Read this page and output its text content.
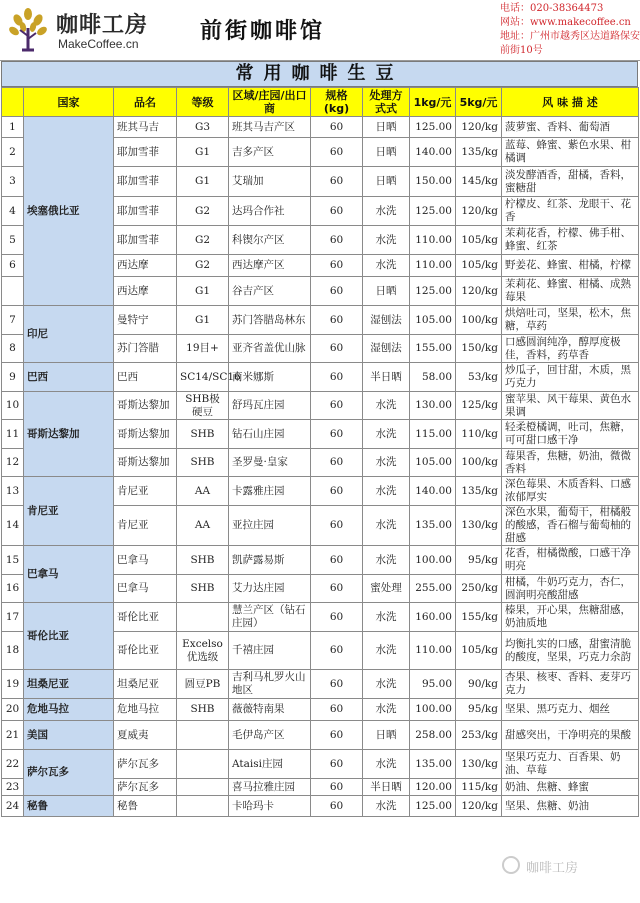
咖啡工房
MakeCoffee.cn	前街咖啡馆
电话：020-38364473
网站：www.makecoffee.cn
地址：广州市越秀区达道路保安前街10号
常用咖啡生豆
	国家	品名	等级	区域/庄园/出口商	规格(kg)	处理方式式	1kg/元	5kg/元	风 味 描 述
1	埃塞俄比亚	班其马吉	G3	班其马吉产区	60	日晒	125.00	120/kg	菠萝蜜、香料、葡萄酒
2		耶加雪菲	G1	吉多产区	60	日晒	140.00	135/kg	蓝莓、蜂蜜、紫色水果、柑橘调
3		耶加雪菲	G1	艾瑞加	60	日晒	150.00	145/kg	淡发酵酒香，甜橘，香料，蜜糖甜
4		耶加雪菲	G2	达玛合作社	60	水洗	125.00	120/kg	柠檬皮、红茶、龙眼干、花香
5		耶加雪菲	G2	科锲尔产区	60	水洗	110.00	105/kg	茉莉花香，柠檬、佛手柑、蜂蜜、红茶
6		西达摩	G2	西达摩产区	60	水洗	110.00	105/kg	野姜花、蜂蜜、柑橘，柠檬
		西达摩	G1	谷吉产区	60	日晒	125.00	120/kg	茉莉花、蜂蜜、柑橘、成熟莓果
7	印尼	曼特宁	G1	苏门答腊岛林东	60	湿刨法	105.00	100/kg	烘焙吐司，坚果，松木，焦糖，草药
8		苏门答腊	19目+	亚齐省盖优山脉	60	湿刨法	155.00	150/kg	口感圆润纯净，醇厚度极佳，香料，药草香
9	巴西	巴西	SC14/SC16	南米娜斯	60	半日晒	58.00	53/kg	炒瓜子，回甘甜，木质，黑巧克力
10	哥斯达黎加	哥斯达黎加	SHB极硬豆	舒玛瓦庄园	60	水洗	130.00	125/kg	蜜苹果、风干莓果、黄色水果调
11		哥斯达黎加	SHB	钻石山庄园	60	水洗	115.00	110/kg	轻柔橙橘调，吐司，焦糖，可可甜口感干净
12		哥斯达黎加	SHB	圣罗曼·皇家	60	水洗	105.00	100/kg	莓果香，焦糖，奶油，微微香料
13	肯尼亚	肯尼亚	AA	卡露雅庄园	60	水洗	140.00	135/kg	深色莓果、木质香料、口感浓郁厚实
14		肯尼亚	AA	亚拉庄园	60	水洗	135.00	130/kg	深色水果，葡萄干，柑橘般的酸感，香石榴与葡萄柚的甜感
15	巴拿马	巴拿马	SHB	凯萨露易斯	60	水洗	100.00	95/kg	花香，柑橘微酸，口感干净明亮
16		巴拿马	SHB	艾力达庄园	60	蜜处理	255.00	250/kg	柑橘，牛奶巧克力，杏仁，圆润明亮酸甜感
17	哥伦比亚	哥伦比亚		慧兰产区（钻石庄园）	60	水洗	160.00	155/kg	榛果，开心果，焦糖甜感，奶油质地
18		哥伦比亚	Excelso优选级	千禧庄园	60	水洗	110.00	105/kg	均衡扎实的口感，甜蜜清脆的酸度，坚果，巧克力余韵
19	坦桑尼亚	坦桑尼亚	圆豆PB	吉利马札罗火山地区	60	水洗	95.00	90/kg	杏果、核枣、香料、麦芽巧克力
20	危地马拉	危地马拉	SHB	薇薇特南果	60	水洗	100.00	95/kg	坚果、黑巧克力、烟丝
21	美国	夏威夷		毛伊岛产区	60	日晒	258.00	253/kg	甜感突出，干净明亮的果酸
22	萨尔瓦多	萨尔瓦多		Ataisi庄园	60	水洗	135.00	130/kg	坚果巧克力、百香果、奶油、草莓
23		萨尔瓦多		喜马拉雅庄园	60	半日晒	120.00	115/kg	奶油、焦糖、蜂蜜
24	秘鲁	秘鲁		卡哈玛卡	60	水洗	125.00	120/kg	坚果、焦糖、奶油
咖啡工房
